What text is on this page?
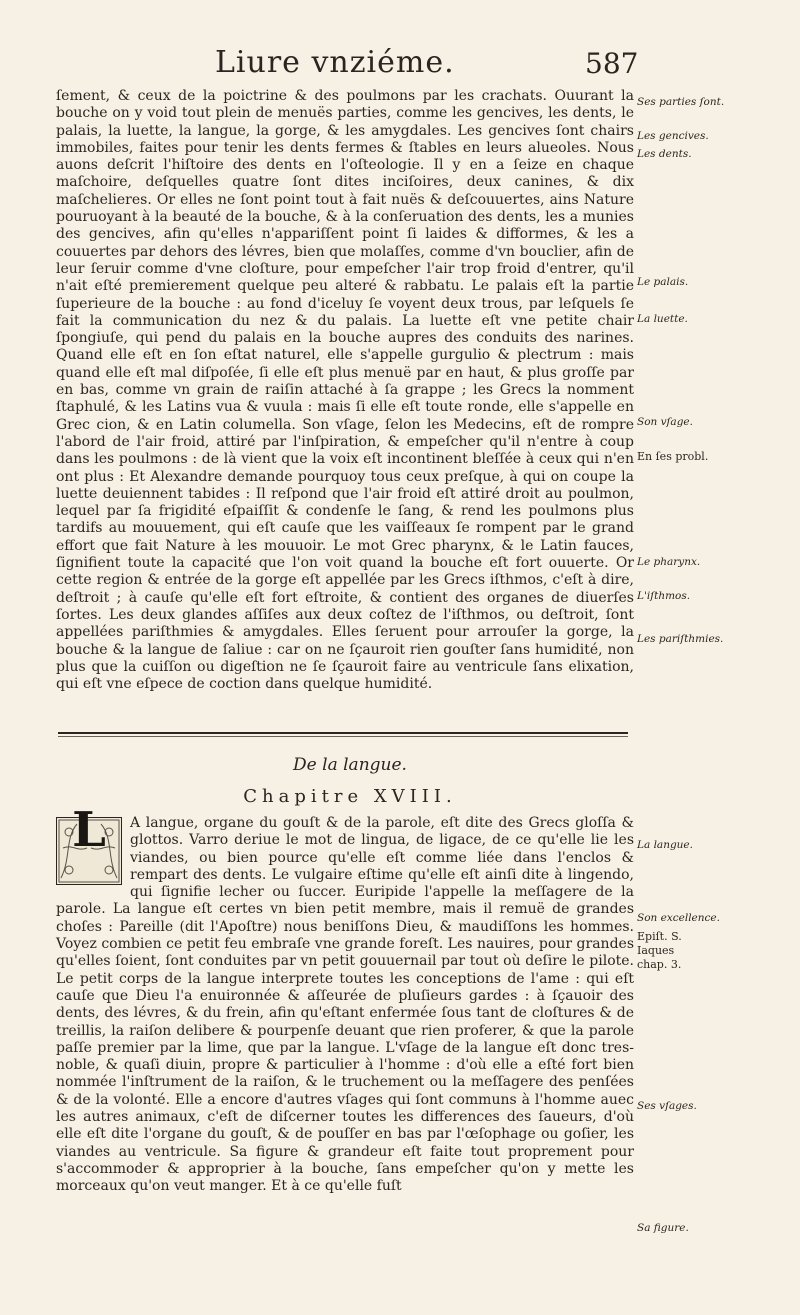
Liure vnziéme.	587

ſement, & ceux de la poictrine & des poulmons par les crachats. Ouurant la bouche on y void tout plein de menuës parties, comme les gencives, les dents, le palais, la luette, la langue, la gorge, & les amygdales. Les gencives ſont chairs immobiles, faites pour tenir les dents fermes & ſtables en leurs alueoles. Nous auons deſcrit l'hiſtoire des dents en l'oſteologie. Il y en a ſeize en chaque maſchoire, deſquelles quatre ſont dites inciſoires, deux canines, & dix maſchelieres. Or elles ne ſont point tout à fait nuës & deſcouuertes, ains Nature pouruoyant à la beauté de la bouche, & à la conſeruation des dents, les a munies des gencives, afin qu'elles n'appariſſent point ſi laides & difformes, & les a couuertes par dehors des lévres, bien que molaſſes, comme d'vn bouclier, afin de leur ſeruir comme d'vne cloſture, pour empeſcher l'air trop froid d'entrer, qu'il n'ait eſté premierement quelque peu alteré & rabbatu. Le palais eſt la partie ſuperieure de la bouche : au fond d'iceluy ſe voyent deux trous, par leſquels ſe fait la communication du nez & du palais. La luette eſt vne petite chair ſpongiuſe, qui pend du palais en la bouche aupres des conduits des narines. Quand elle eſt en ſon eſtat naturel, elle s'appelle gurgulio & plectrum : mais quand elle eſt mal diſpoſée, ſi elle eſt plus menuë par en haut, & plus groſſe par en bas, comme vn grain de raiſin attaché à ſa grappe ; les Grecs la nomment ſtaphulé, & les Latins vua & vuula : mais ſi elle eſt toute ronde, elle s'appelle en Grec cion, & en Latin columella. Son vſage, ſelon les Medecins, eſt de rompre l'abord de l'air froid, attiré par l'inſpiration, & empeſcher qu'il n'entre à coup dans les poulmons : de là vient que la voix eſt incontinent bleſſée à ceux qui n'en ont plus : Et Alexandre demande pourquoy tous ceux preſque, à qui on coupe la luette deuiennent tabides : Il reſpond que l'air froid eſt attiré droit au poulmon, lequel par ſa frigidité eſpaiſſit & condenſe le ſang, & rend les poulmons plus tardifs au mouuement, qui eſt cauſe que les vaiſſeaux ſe rompent par le grand effort que fait Nature à les mouuoir. Le mot Grec pharynx, & le Latin fauces, ſignifient toute la capacité que l'on voit quand la bouche eſt fort ouuerte. Or cette region & entrée de la gorge eſt appellée par les Grecs iſthmos, c'eſt à dire, deſtroit ; à cauſe qu'elle eſt fort eſtroite, & contient des organes de diuerſes ſortes. Les deux glandes aſſiſes aux deux coſtez de l'iſthmos, ou deſtroit, ſont appellées pariſthmies & amygdales. Elles ſeruent pour arrouſer la gorge, la bouche & la langue de ſaliue : car on ne ſçauroit rien gouſter ſans humidité, non plus que la cuiſſon ou digeſtion ne ſe ſçauroit faire au ventricule ſans elixation, qui eſt vne eſpece de coction dans quelque humidité.

Ses parties ſont.
Les gencives.
Les dents.
Le palais.
La luette.
Son vſage.
En ſes probl.
Le pharynx.
L'iſthmos.
Les pariſthmies.
La langue.
Son excellence.
Epiſt. S. Iaques chap. 3.
Ses vſages.
Sa figure.
De la langue.
Chapitre XVIII.
L	A langue, organe du gouſt & de la parole, eſt dite des Grecs gloſſa & glottos. Varro deriue le mot de lingua, de ligace, de ce qu'elle lie les viandes, ou bien pource qu'elle eſt comme liée dans l'enclos & rempart des dents. Le vulgaire eſtime qu'elle eſt ainſi dite à lingendo, qui ſignifie lecher ou ſuccer. Euripide l'appelle la meſſagere de la parole. La langue eſt certes vn bien petit membre, mais il remuë de grandes choſes : Pareille (dit l'Apoſtre) nous beniſſons Dieu, & maudiſſons les hommes. Voyez combien ce petit feu embraſe vne grande foreſt. Les nauires, pour grandes qu'elles ſoient, ſont conduites par vn petit gouuernail par tout où deſire le pilote. Le petit corps de la langue interprete toutes les conceptions de l'ame : qui eſt cauſe que Dieu l'a enuironnée & aſſeurée de pluſieurs gardes : à ſçauoir des dents, des lévres, & du frein, afin qu'eſtant enfermée ſous tant de cloſtures & de treillis, la raiſon delibere & pourpenſe deuant que rien proferer, & que la parole paſſe premier par la lime, que par la langue. L'vſage de la langue eſt donc tres-noble, & quaſi diuin, propre & particulier à l'homme : d'où elle a eſté fort bien nommée l'inſtrument de la raiſon, & le truchement ou la meſſagere des penſées & de la volonté. Elle a encore d'autres vſages qui ſont communs à l'homme auec les autres animaux, c'eſt de diſcerner toutes les differences des ſaueurs, d'où elle eſt dite l'organe du gouſt, & de pouſſer en bas par l'œſophage ou goſier, les viandes au ventricule. Sa figure & grandeur eſt faite tout proprement pour s'accommoder & approprier à la bouche, ſans empeſcher qu'on y mette les morceaux qu'on veut manger. Et à ce qu'elle fuſt
